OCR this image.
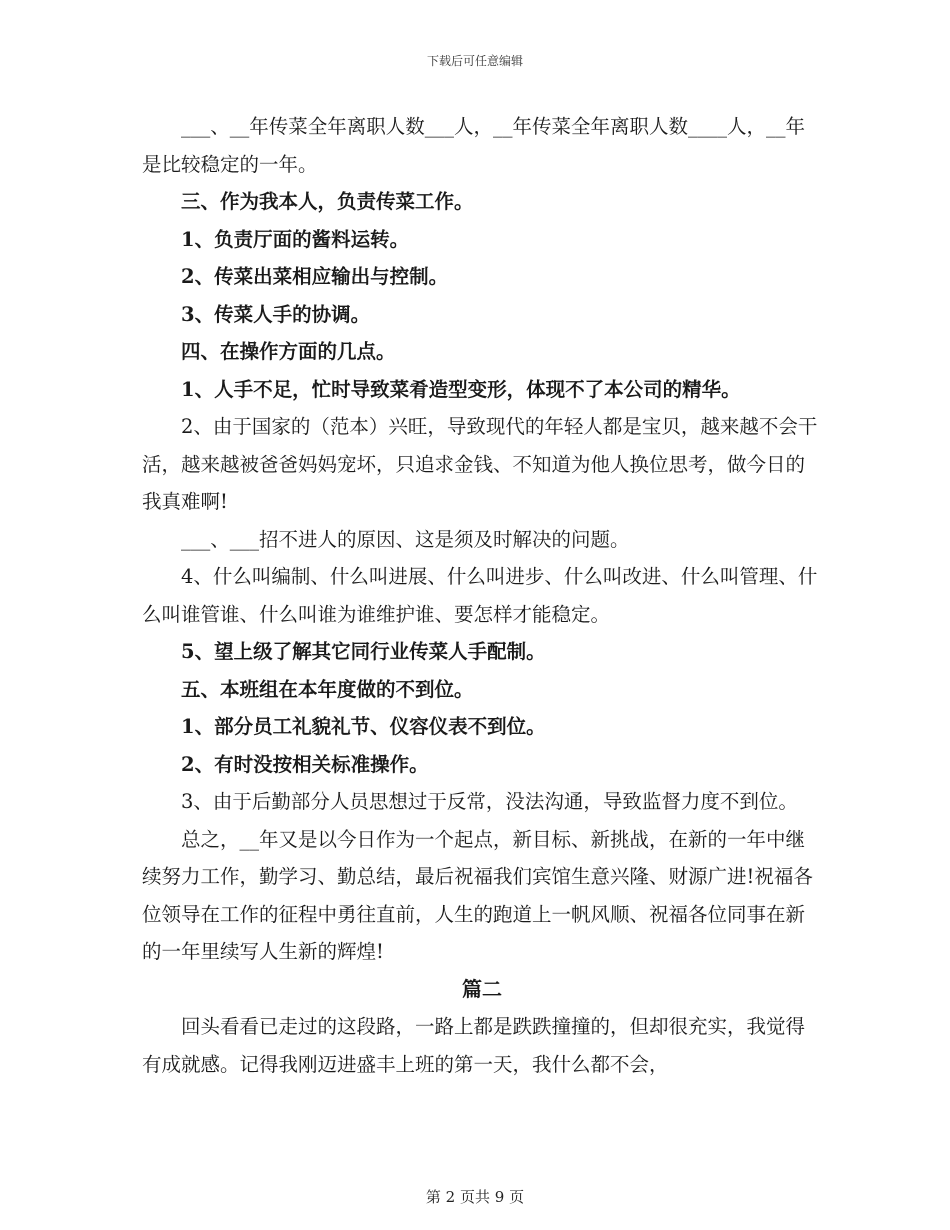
下载后可任意编辑

___、__年传菜全年离职人数___人，__年传菜全年离职人数____人，__年是比较稳定的一年。

三、作为我本人，负责传菜工作。

1、负责厅面的酱料运转。

2、传菜出菜相应输出与控制。

3、传菜人手的协调。

四、在操作方面的几点。

1、人手不足，忙时导致菜肴造型变形，体现不了本公司的精华。

2、由于国家的（范本）兴旺，导致现代的年轻人都是宝贝，越来越不会干活，越来越被爸爸妈妈宠坏，只追求金钱、不知道为他人换位思考，做今日的我真难啊!

___、___招不进人的原因、这是须及时解决的问题。

4、什么叫编制、什么叫进展、什么叫进步、什么叫改进、什么叫管理、什么叫谁管谁、什么叫谁为谁维护谁、要怎样才能稳定。

5、望上级了解其它同行业传菜人手配制。

五、本班组在本年度做的不到位。

1、部分员工礼貌礼节、仪容仪表不到位。

2、有时没按相关标准操作。

3、由于后勤部分人员思想过于反常，没法沟通，导致监督力度不到位。

总之，__年又是以今日作为一个起点，新目标、新挑战，在新的一年中继续努力工作，勤学习、勤总结，最后祝福我们宾馆生意兴隆、财源广进!祝福各位领导在工作的征程中勇往直前，人生的跑道上一帆风顺、祝福各位同事在新的一年里续写人生新的辉煌!

篇二

回头看看已走过的这段路，一路上都是跌跌撞撞的，但却很充实，我觉得有成就感。记得我刚迈进盛丰上班的第一天，我什么都不会，

第 2 页共 9 页
